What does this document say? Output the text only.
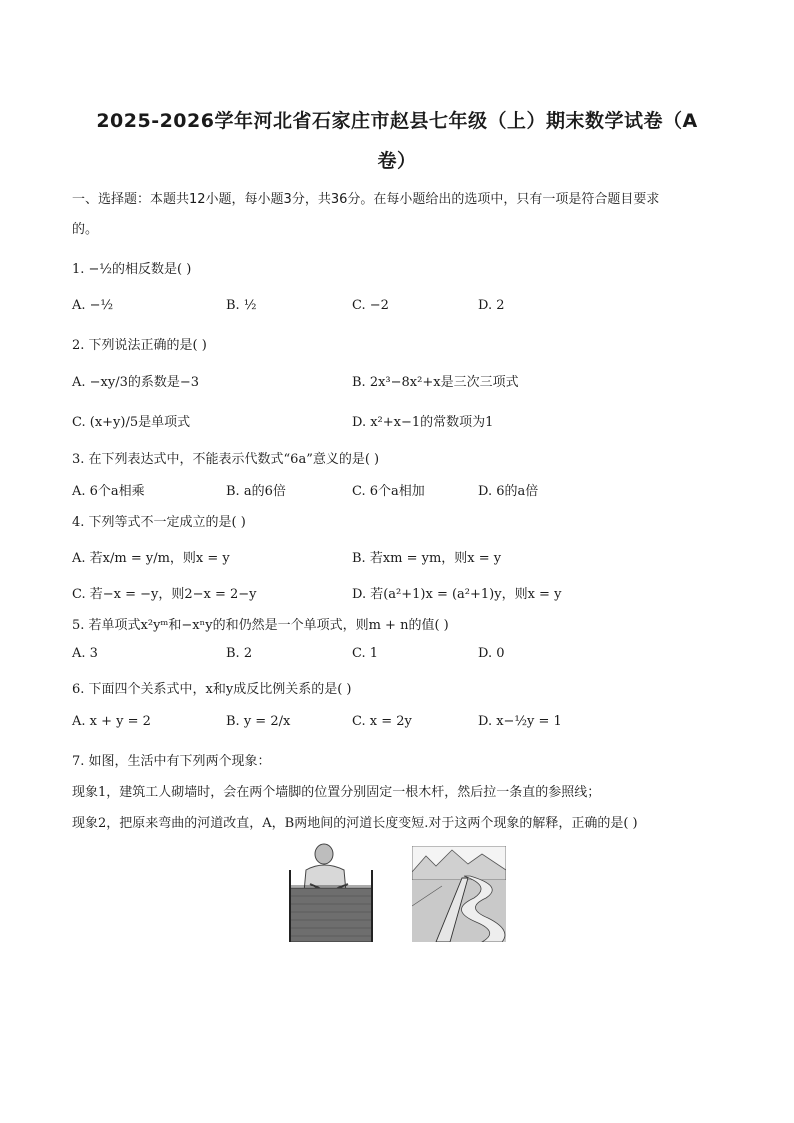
2025-2026学年河北省石家庄市赵县七年级（上）期末数学试卷（A
卷）
一、选择题：本题共12小题，每小题3分，共36分。在每小题给出的选项中，只有一项是符合题目要求
的。
1. −½的相反数是( )
A. −½	B. ½	C. −2	D. 2
2. 下列说法正确的是( )
A. −xy/3的系数是−3	B. 2x³−8x²+x是三次三项式
C. (x+y)/5是单项式	D. x²+x−1的常数项为1
3. 在下列表达式中，不能表示代数式“6a”意义的是( )
A. 6个a相乘	B. a的6倍	C. 6个a相加	D. 6的a倍
4. 下列等式不一定成立的是( )
A. 若x/m = y/m，则x = y	B. 若xm = ym，则x = y
C. 若−x = −y，则2−x = 2−y	D. 若(a²+1)x = (a²+1)y，则x = y
5. 若单项式x²yᵐ和−xⁿy的和仍然是一个单项式，则m + n的值( )
A. 3	B. 2	C. 1	D. 0
6. 下面四个关系式中，x和y成反比例关系的是( )
A. x + y = 2	B. y = 2/x	C. x = 2y	D. x−½y = 1
7. 如图，生活中有下列两个现象：
现象1，建筑工人砌墙时，会在两个墙脚的位置分别固定一根木杆，然后拉一条直的参照线；
现象2，把原来弯曲的河道改直，A，B两地间的河道长度变短.对于这两个现象的解释，正确的是( )
